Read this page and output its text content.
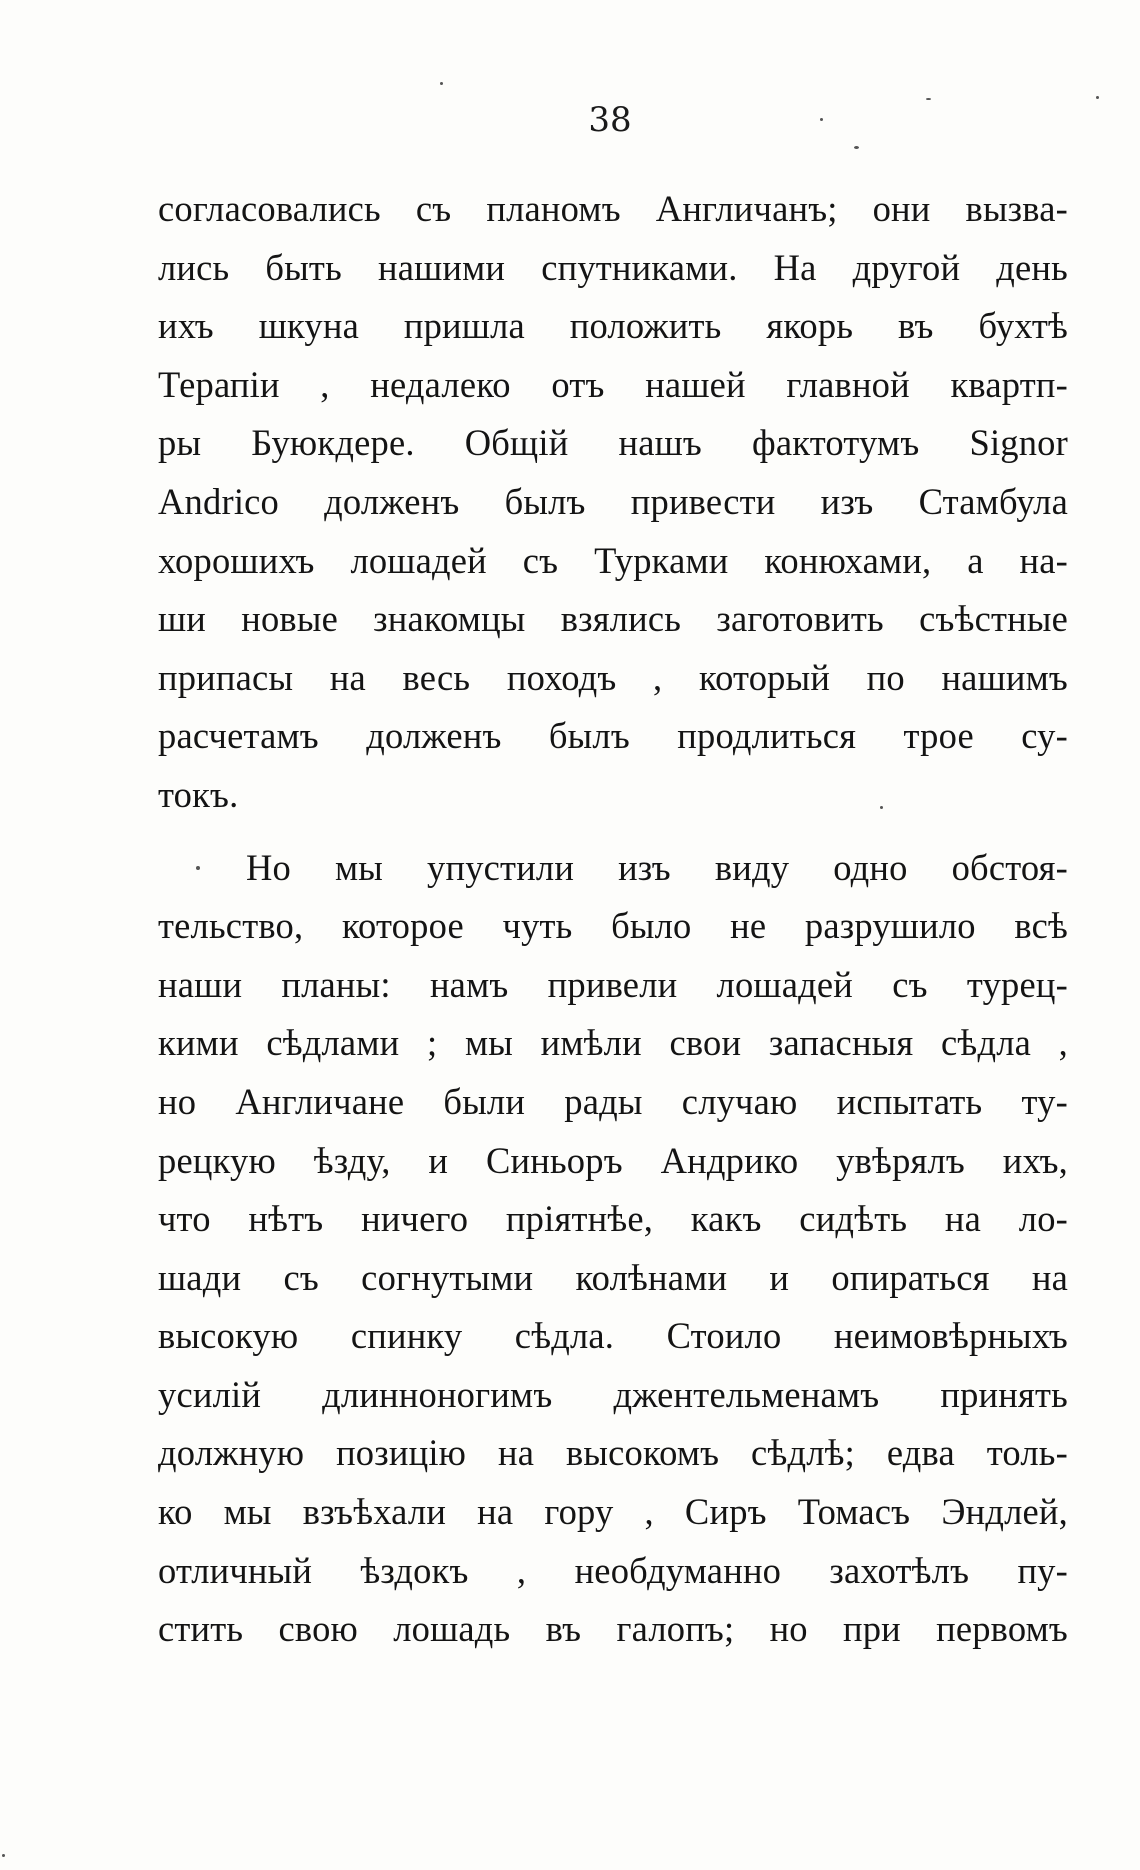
38
согласовались съ планомъ Англичанъ; они вызва-
лись быть нашими спутниками. На другой день
ихъ шкуна пришла положить якорь въ бухтѣ
Терапіи , недалеко отъ нашей главной квартп-
ры Буюкдере. Общій нашъ фактотумъ Signor
Andrico долженъ былъ привести изъ Стамбула
хорошихъ лошадей съ Турками конюхами, а на-
ши новые знакомцы взялись заготовить съѣстные
припасы на весь походъ , который по нашимъ
расчетамъ долженъ былъ продлиться трое су-
токъ.
Но мы упустили изъ виду одно обстоя-
тельство, которое чуть было не разрушило всѣ
наши планы: намъ привели лошадей съ турец-
кими сѣдлами ; мы имѣли свои запасныя сѣдла ,
но Англичане были рады случаю испытать ту-
рецкую ѣзду, и Синьоръ Андрико увѣрялъ ихъ,
что нѣтъ ничего пріятнѣе, какъ сидѣть на ло-
шади съ согнутыми колѣнами и опираться на
высокую спинку сѣдла. Стоило неимовѣрныхъ
усилій длинноногимъ джентельменамъ принять
должную позицію на высокомъ сѣдлѣ; едва толь-
ко мы взъѣхали на гору , Сиръ Томасъ Эндлей,
отличный ѣздокъ , необдуманно захотѣлъ пу-
стить свою лошадь въ галопъ; но при первомъ
